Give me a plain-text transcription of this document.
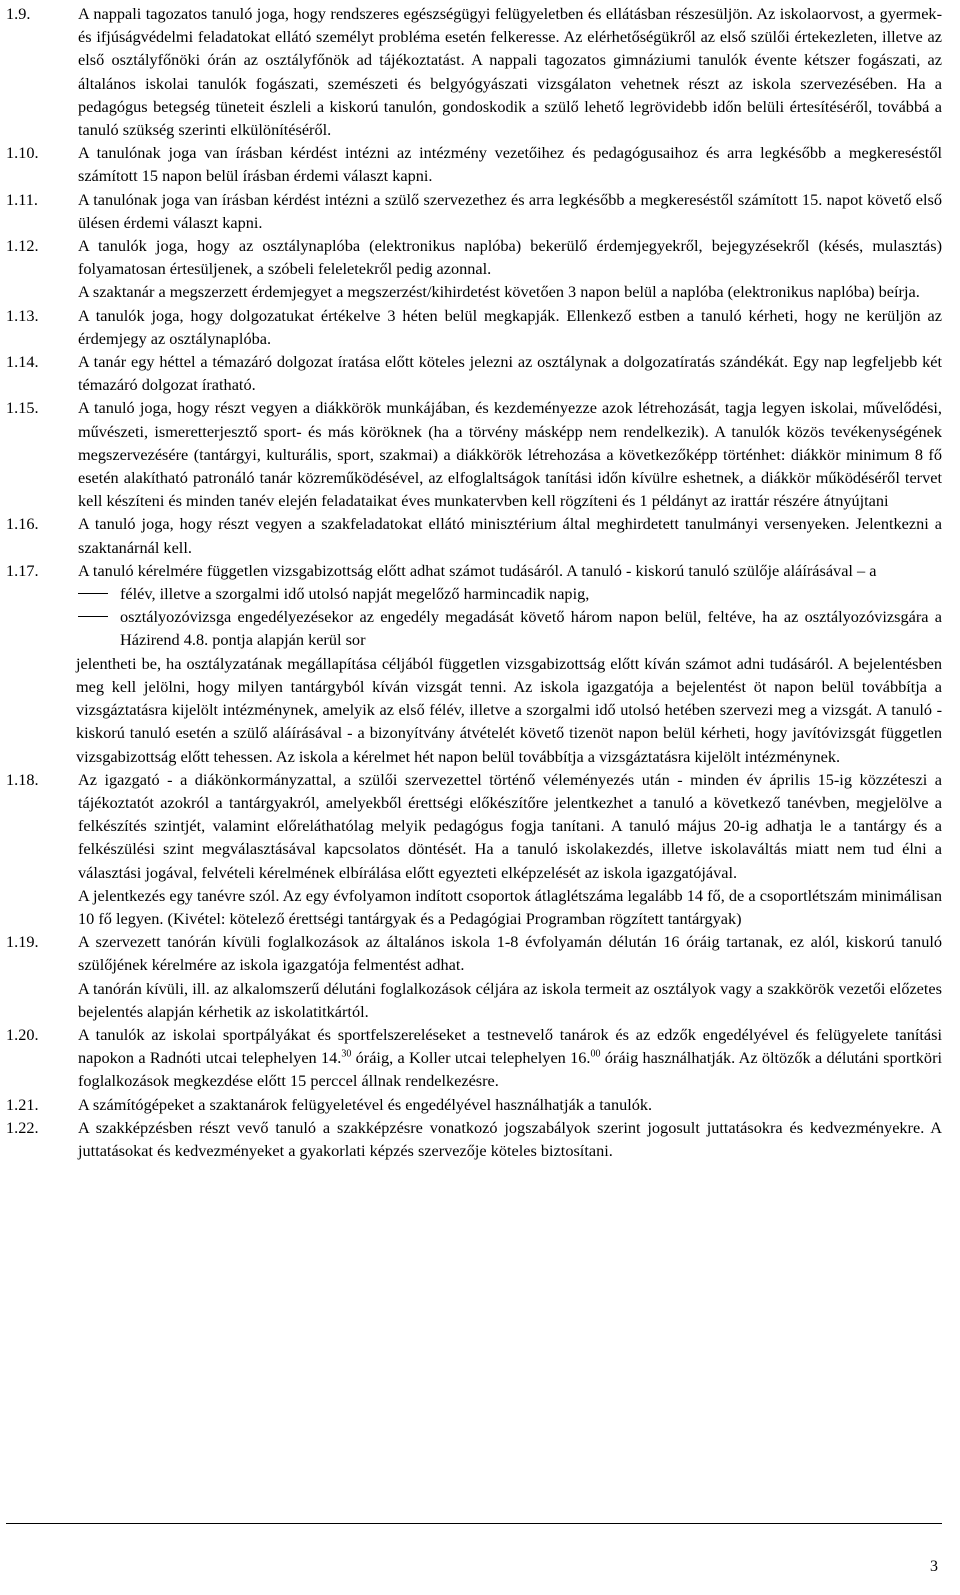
1.9.	A nappali tagozatos tanuló joga, hogy rendszeres egészségügyi felügyeletben és ellátásban részesüljön. Az iskolaorvost, a gyermek- és ifjúságvédelmi feladatokat ellátó személyt probléma esetén felkeresse. Az elérhetőségükről az első szülői értekezleten, illetve az első osztályfőnöki órán az osztályfőnök ad tájékoztatást. A nappali tagozatos gimnáziumi tanulók évente kétszer fogászati, az általános iskolai tanulók fogászati, szemészeti és belgyógyászati vizsgálaton vehetnek részt az iskola szervezésében. Ha a pedagógus betegség tüneteit észleli a kiskorú tanulón, gondoskodik a szülő lehető legrövidebb időn belüli értesítéséről, továbbá a tanuló szükség szerinti elkülönítéséről.

1.10. A tanulónak joga van írásban kérdést intézni az intézmény vezetőihez és pedagógusaihoz és arra legkésőbb a megkereséstől számított 15 napon belül írásban érdemi választ kapni.

1.11. A tanulónak joga van írásban kérdést intézni a szülő szervezethez és arra legkésőbb a megkereséstől számított 15. napot követő első ülésen érdemi választ kapni.

1.12. A tanulók joga, hogy az osztálynaplóba (elektronikus naplóba) bekerülő érdemjegyekről, bejegyzésekről (késés, mulasztás) folyamatosan értesüljenek, a szóbeli feleletekről pedig azonnal.

A szaktanár a megszerzett érdemjegyet a megszerzést/kihirdetést követően 3 napon belül a naplóba (elektronikus naplóba) beírja.

1.13. A tanulók joga, hogy dolgozatukat értékelve 3 héten belül megkapják. Ellenkező estben a tanuló kérheti, hogy ne kerüljön az érdemjegy az osztálynaplóba.

1.14. A tanár egy héttel a témazáró dolgozat íratása előtt köteles jelezni az osztálynak a dolgozatíratás szándékát. Egy nap legfeljebb két témazáró dolgozat íratható.

1.15. A tanuló joga, hogy részt vegyen a diákkörök munkájában, és kezdeményezze azok létrehozását, tagja legyen iskolai, művelődési, művészeti, ismeretterjesztő sport- és más köröknek (ha a törvény másképp nem rendelkezik). A tanulók közös tevékenységének megszervezésére (tantárgyi, kulturális, sport, szakmai) a diákkörök létrehozása a következőképp történhet: diákkör minimum 8 fő esetén alakítható patronáló tanár közreműködésével, az elfoglaltságok tanítási időn kívülre eshetnek, a diákkör működéséről tervet kell készíteni és minden tanév elején feladataikat éves munkatervben kell rögzíteni és 1 példányt az irattár részére átnyújtani

1.16. A tanuló joga, hogy részt vegyen a szakfeladatokat ellátó minisztérium által meghirdetett tanulmányi versenyeken. Jelentkezni a szaktanárnál kell.

1.17. A tanuló kérelmére független vizsgabizottság előtt adhat számot tudásáról. A tanuló - kiskorú tanuló szülője aláírásával – a

félév, illetve a szorgalmi idő utolsó napját megelőző harmincadik napig,
osztályozóvizsga engedélyezésekor az engedély megadását követő három napon belül, feltéve, ha az osztályozóvizsgára a Házirend 4.8. pontja alapján kerül sor

jelentheti be, ha osztályzatának megállapítása céljából független vizsgabizottság előtt kíván számot adni tudásáról. A bejelentésben meg kell jelölni, hogy milyen tantárgyból kíván vizsgát tenni. Az iskola igazgatója a bejelentést öt napon belül továbbítja a vizsgáztatásra kijelölt intézménynek, amelyik az első félév, illetve a szorgalmi idő utolsó hetében szervezi meg a vizsgát. A tanuló - kiskorú tanuló esetén a szülő aláírásával - a bizonyítvány átvételét követő tizenöt napon belül kérheti, hogy javítóvizsgát független vizsgabizottság előtt tehessen. Az iskola a kérelmet hét napon belül továbbítja a vizsgáztatásra kijelölt intézménynek.

1.18. Az igazgató - a diákönkormányzattal, a szülői szervezettel történő véleményezés után - minden év április 15-ig közzéteszi a tájékoztatót azokról a tantárgyakról, amelyekből érettségi előkészítőre jelentkezhet a tanuló a következő tanévben, megjelölve a felkészítés szintjét, valamint előreláthatólag melyik pedagógus fogja tanítani. A tanuló május 20-ig adhatja le a tantárgy és a felkészülési szint megválasztásával kapcsolatos döntését. Ha a tanuló iskolakezdés, illetve iskolaváltás miatt nem tud élni a választási jogával, felvételi kérelmének elbírálása előtt egyezteti elképzelését az iskola igazgatójával.

A jelentkezés egy tanévre szól. Az egy évfolyamon indított csoportok átlaglétszáma legalább 14 fő, de a csoportlétszám minimálisan 10 fő legyen. (Kivétel: kötelező érettségi tantárgyak és a Pedagógiai Programban rögzített tantárgyak)

1.19. A szervezett tanórán kívüli foglalkozások az általános iskola 1-8 évfolyamán délután 16 óráig tartanak, ez alól, kiskorú tanuló szülőjének kérelmére az iskola igazgatója felmentést adhat.

A tanórán kívüli, ill. az alkalomszerű délutáni foglalkozások céljára az iskola termeit az osztályok vagy a szakkörök vezetői előzetes bejelentés alapján kérhetik az iskolatitkártól.

1.20. A tanulók az iskolai sportpályákat és sportfelszereléseket a testnevelő tanárok és az edzők engedélyével és felügyelete tanítási napokon a Radnóti utcai telephelyen 14.30 óráig, a Koller utcai telephelyen 16.00 óráig használhatják. Az öltözők a délutáni sportköri foglalkozások megkezdése előtt 15 perccel állnak rendelkezésre.

1.21. A számítógépeket a szaktanárok felügyeletével és engedélyével használhatják a tanulók.

1.22. A szakképzésben részt vevő tanuló a szakképzésre vonatkozó jogszabályok szerint jogosult juttatásokra és kedvezményekre. A juttatásokat és kedvezményeket a gyakorlati képzés szervezője köteles biztosítani.

3
